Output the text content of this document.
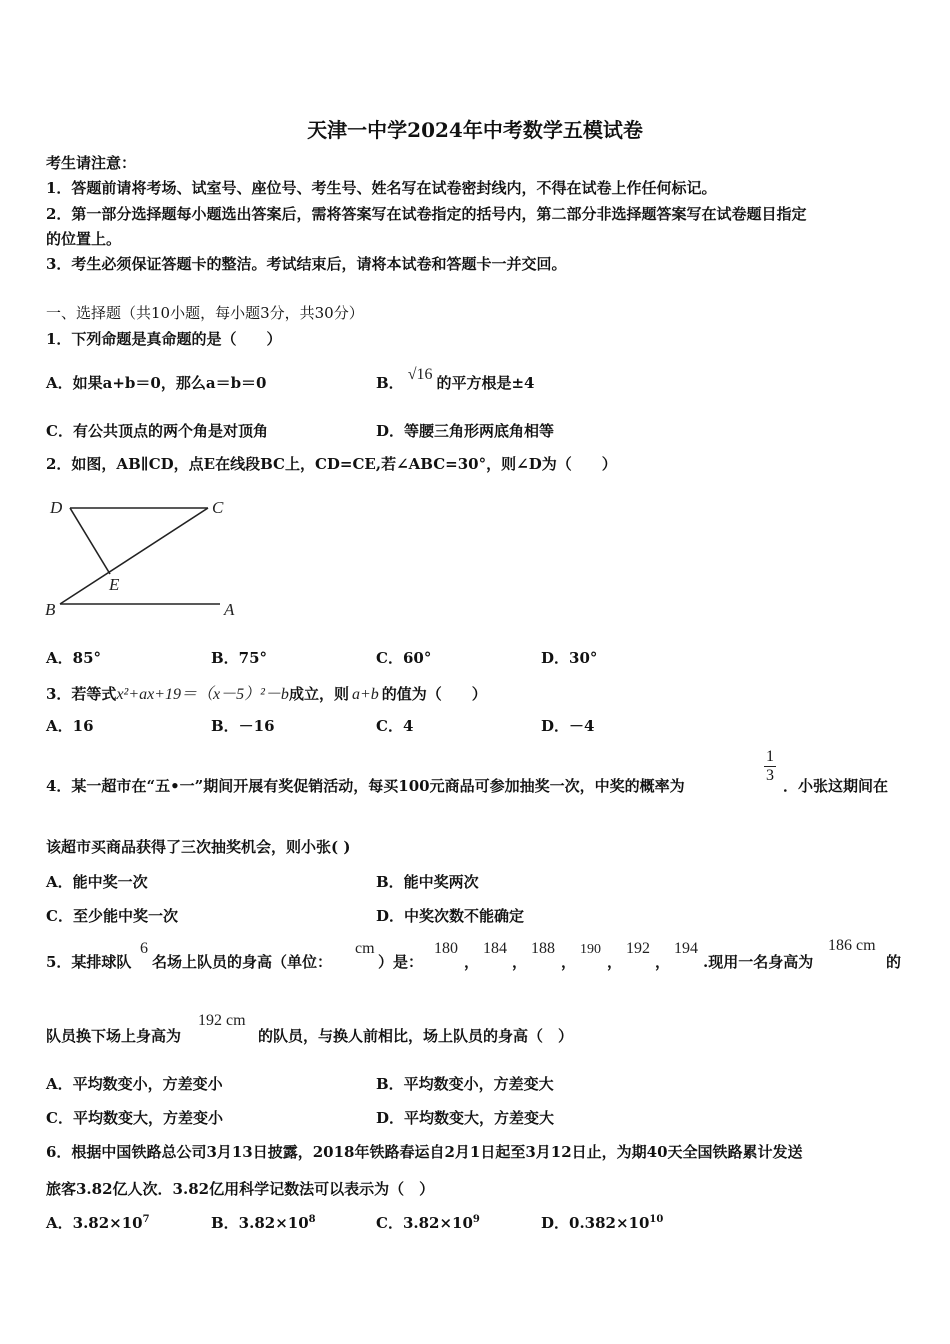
天津一中学2024年中考数学五模试卷
考生请注意：
1．答题前请将考场、试室号、座位号、考生号、姓名写在试卷密封线内，不得在试卷上作任何标记。
2．第一部分选择题每小题选出答案后，需将答案写在试卷指定的括号内，第二部分非选择题答案写在试卷题目指定
的位置上。
3．考生必须保证答题卡的整洁。考试结束后，请将本试卷和答题卡一并交回。
一、选择题（共10小题，每小题3分，共30分）
1．下列命题是真命题的是（　　）
A．如果a+b＝0，那么a＝b＝0	B． √16 的平方根是±4
C．有公共顶点的两个角是对顶角	D．等腰三角形两底角相等
2．如图，AB∥CD，点E在线段BC上，CD=CE,若∠ABC=30°，则∠D为（　　）
D	C
E
B	A
A．85°	B．75°	C．60°	D．30°
3．若等式x²+ax+19＝（x－5）²－b成立，则 a+b 的值为（　　）
A．16	B．－16	C．4	D．－4
4．某一超市在“五•一”期间开展有奖促销活动，每买100元商品可参加抽奖一次，中奖的概率为
$\frac{1}{3}$
．小张这期间在
该超市买商品获得了三次抽奖机会，则小张( )
A．能中奖一次	B．能中奖两次
C．至少能中奖一次	D．中奖次数不能确定
5．某排球队
6
名场上队员的身高（单位：
cm
）是：
180
，
184
，
188
，
190
，
192
，
194
.现用一名身高为
186 cm
的
队员换下场上身高为
192 cm
的队员，与换人前相比，场上队员的身高（　）
A．平均数变小，方差变小	B．平均数变小，方差变大
C．平均数变大，方差变小	D．平均数变大，方差变大
6．根据中国铁路总公司3月13日披露，2018年铁路春运自2月1日起至3月12日止，为期40天全国铁路累计发送
旅客3.82亿人次．3.82亿用科学记数法可以表示为（　）
A．$3.82\times 10^7$	B．$3.82\times 10^8$	C．$3.82\times 10^9$	D．$0.382\times 10^{10}$
